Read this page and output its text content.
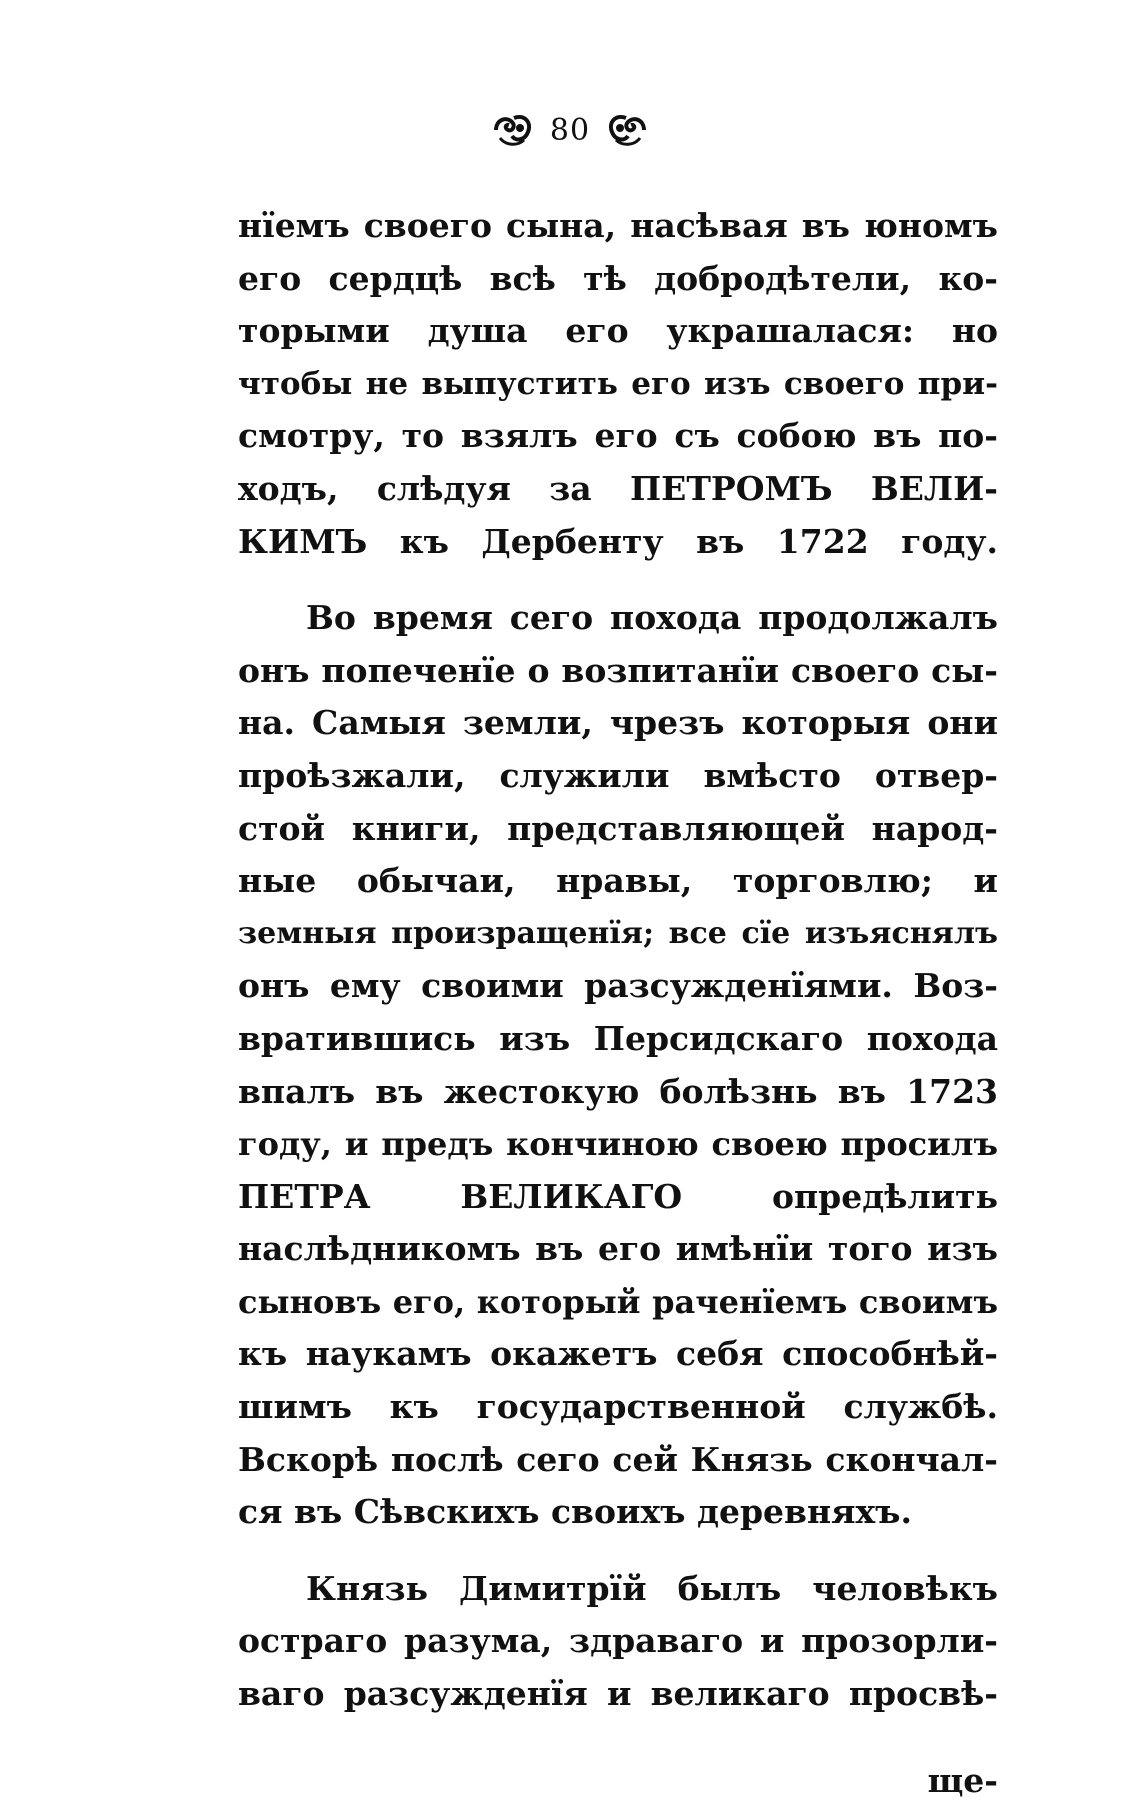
80
нїемъ своего сына, насѣвая въ юномъ
его сердцѣ всѣ тѣ добродѣтели, ко-
торыми душа его украшалася: но
чтобы не выпустить его изъ своего при-
смотру, то взялъ его съ собою въ по-
ходъ, слѣдуя за ПЕТРОМЪ ВЕЛИ-
КИМЪ къ Дербенту въ 1722 году.
Во время сего похода продолжалъ
онъ попеченїе о возпитанїи своего сы-
на. Самыя земли, чрезъ которыя они
проѣзжали, служили вмѣсто отвер-
стой книги, представляющей народ-
ные обычаи, нравы, торговлю; и
земныя произращенїя; все сїе изъяснялъ
онъ ему своими разсужденїями. Воз-
вратившись изъ Персидскаго похода
впалъ въ жестокую болѣзнь въ 1723
году, и предъ кончиною своею просилъ
ПЕТРА ВЕЛИКАГО опредѣлить
наслѣдникомъ въ его имѣнїи того изъ
сыновъ его, который раченїемъ своимъ
къ наукамъ окажетъ себя способнѣй-
шимъ къ государственной службѣ.
Вскорѣ послѣ сего сей Князь скончал-
ся въ Сѣвскихъ своихъ деревняхъ.
Князь Димитрїй былъ человѣкъ
остраго разума, здраваго и прозорли-
ваго разсужденїя и великаго просвѣ-
ще-
